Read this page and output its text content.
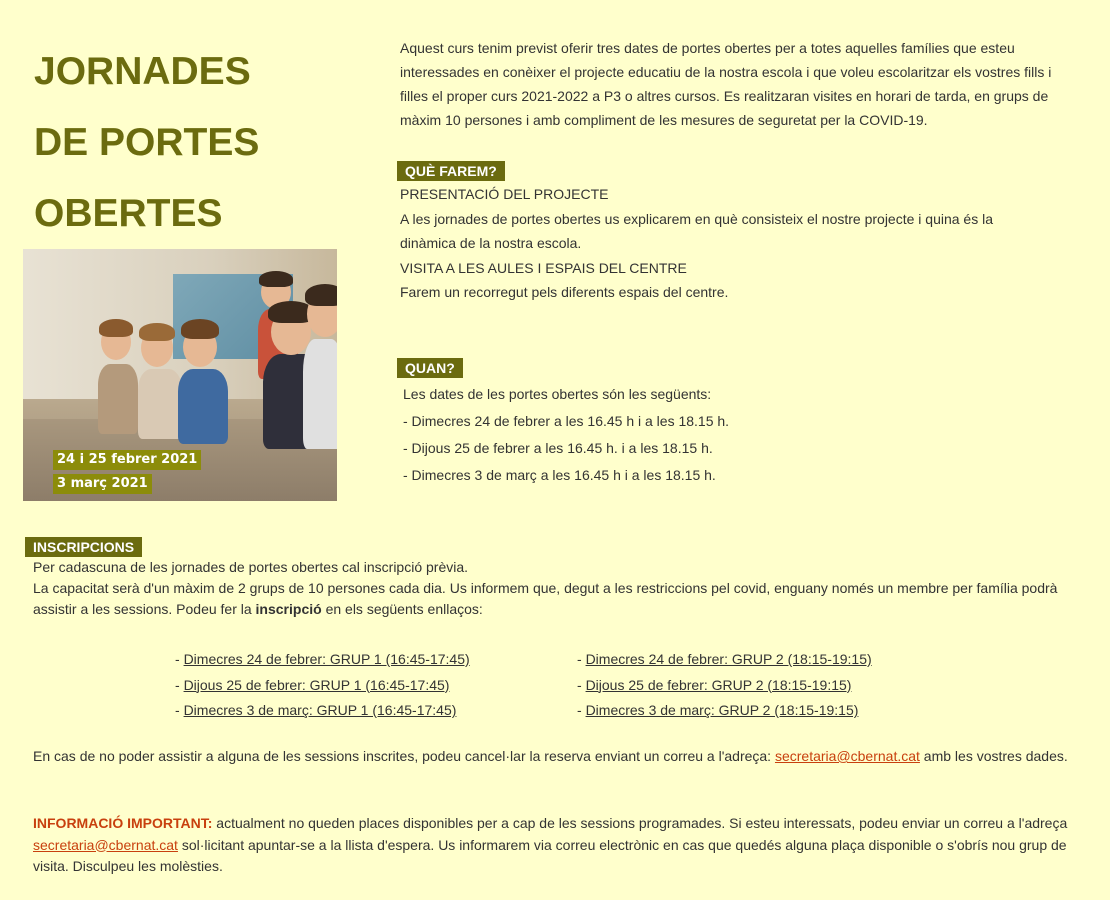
JORNADES
DE PORTES
OBERTES
24 i 25 febrer 2021
3 març 2021
Aquest curs tenim previst oferir tres dates de portes obertes per a totes aquelles famílies que esteu interessades en conèixer el projecte educatiu de la nostra escola i que voleu escolaritzar els vostres fills i filles el proper curs 2021-2022 a P3 o altres cursos. Es realitzaran visites en horari de tarda, en grups de màxim 10 persones i amb compliment de les mesures de seguretat per la COVID-19.
QUÈ FAREM?

PRESENTACIÓ DEL PROJECTE

A les jornades de portes obertes us explicarem en què consisteix el nostre projecte i quina és la

dinàmica de la nostra escola.

VISITA A LES AULES I ESPAIS DEL CENTRE

Farem un recorregut pels diferents espais del centre.

QUAN?

Les dates de les portes obertes són les següents:

- Dimecres 24 de febrer a les 16.45 h i a les 18.15 h.

- Dijous 25 de febrer a les 16.45 h. i a les 18.15 h.

- Dimecres 3 de març a les 16.45 h i a les 18.15 h.

INSCRIPCIONS

Per cadascuna de les jornades de portes obertes cal inscripció prèvia.

La capacitat serà d'un màxim de 2 grups de 10 persones cada dia. Us informem que, degut a les restriccions pel covid, enguany només un membre per família podrà assistir a les sessions. Podeu fer la inscripció en els següents enllaços:

- Dimecres 24 de febrer: GRUP 1 (16:45-17:45)
- Dijous 25 de febrer: GRUP 1 (16:45-17:45)
- Dimecres 3 de març: GRUP 1 (16:45-17:45)
- Dimecres 24 de febrer: GRUP 2 (18:15-19:15)
- Dijous 25 de febrer: GRUP 2 (18:15-19:15)
- Dimecres 3 de març: GRUP 2 (18:15-19:15)
En cas de no poder assistir a alguna de les sessions inscrites, podeu cancel·lar la reserva enviant un correu a l'adreça: secretaria@cbernat.cat amb les vostres dades.
INFORMACIÓ IMPORTANT: actualment no queden places disponibles per a cap de les sessions programades. Si esteu interessats, podeu enviar un correu a l'adreça secretaria@cbernat.cat sol·licitant apuntar-se a la llista d'espera. Us informarem via correu electrònic en cas que quedés alguna plaça disponible o s'obrís nou grup de visita. Disculpeu les molèsties.
